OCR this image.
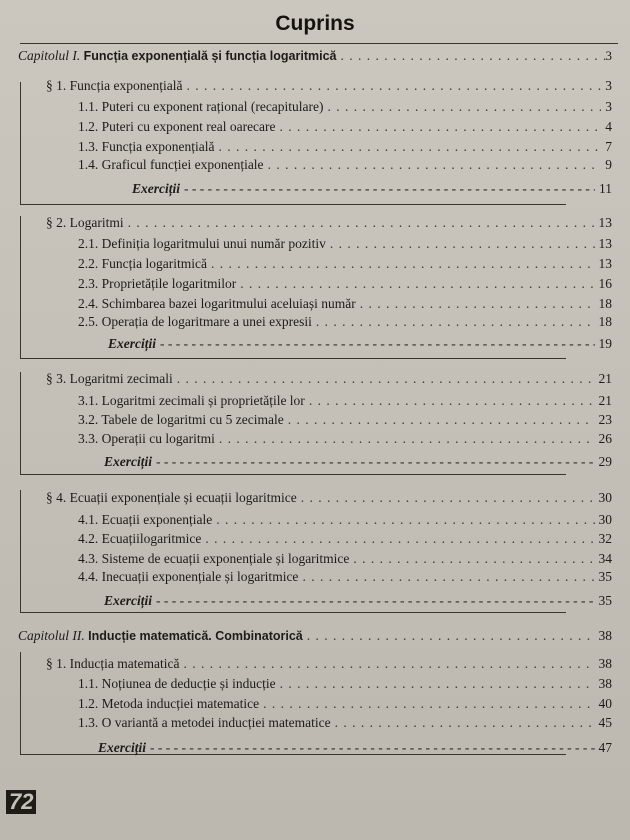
Cuprins
Capitolul I. Funcția exponențială și funcția logaritmică . . .	3
§ 1. Funcția exponențială . . .	3
1.1. Puteri cu exponent rațional (recapitulare) . . .	3
1.2. Puteri cu exponent real oarecare . . .	4
1.3. Funcția exponențială . . .	7
1.4. Graficul funcției exponențiale . . .	9
Exerciții - - -	11
§ 2. Logaritmi . . .	13
2.1. Definiția logaritmului unui număr pozitiv . . .	13
2.2. Funcția logaritmică . . .	13
2.3. Proprietățile logaritmilor . . .	16
2.4. Schimbarea bazei logaritmului aceluiași număr . . .	18
2.5. Operația de logaritmare a unei expresii . . .	18
Exerciții - - -	19
§ 3. Logaritmi zecimali . . .	21
3.1. Logaritmi zecimali și proprietățile lor . . .	21
3.2. Tabele de logaritmi cu 5 zecimale . . .	23
3.3. Operații cu logaritmi . . .	26
Exerciții - - -	29
§ 4. Ecuații exponențiale și ecuații logaritmice . . .	30
4.1. Ecuații exponențiale . . .	30
4.2. Ecuațiilogaritmice . . .	32
4.3. Sisteme de ecuații exponențiale și logaritmice . . .	34
4.4. Inecuații exponențiale și logaritmice . . .	35
Exerciții - - -	35
Capitolul II. Inducție matematică. Combinatorică . . .	38
§ 1. Inducția matematică . . .	38
1.1. Noțiunea de deducție și inducție . . .	38
1.2. Metoda inducției matematice . . .	40
1.3. O variantă a metodei inducției matematice . . .	45
Exerciții - - -	47
72
